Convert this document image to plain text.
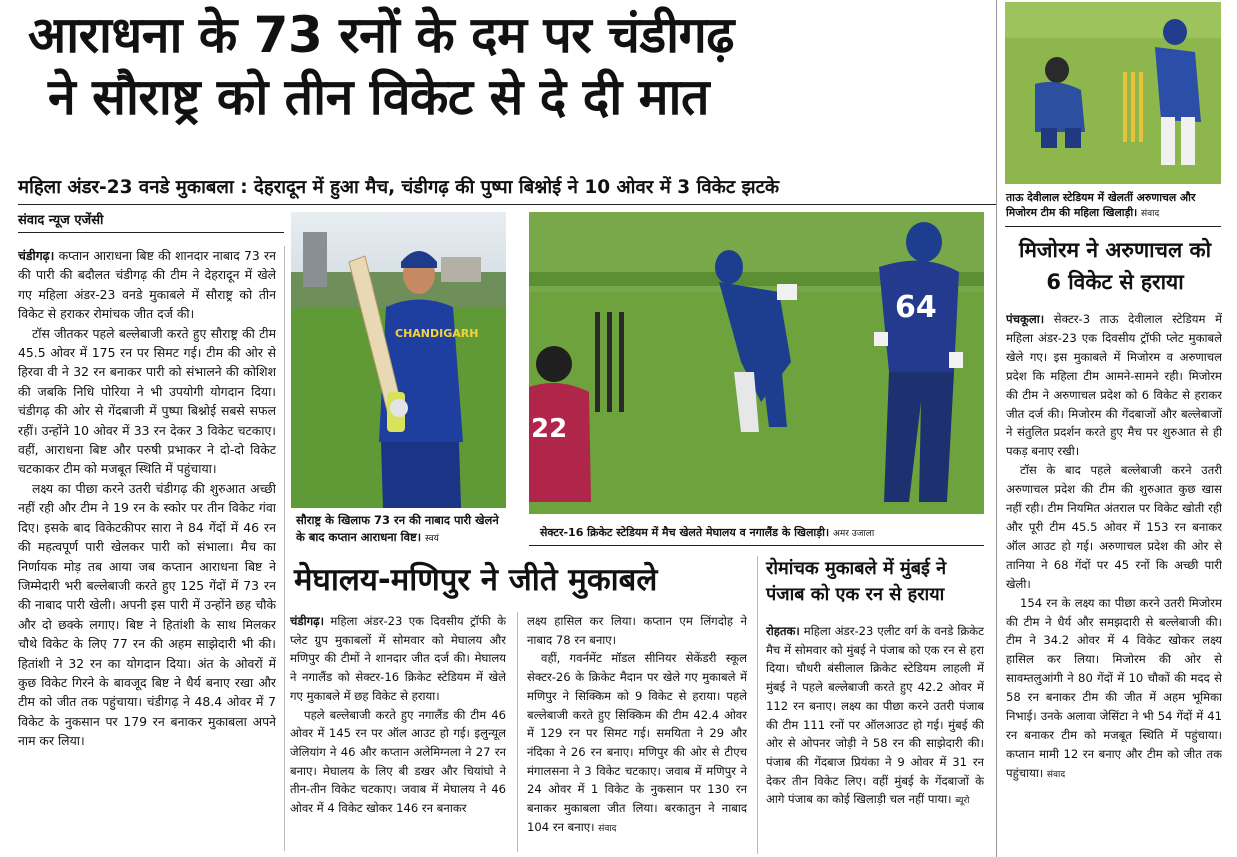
आराधना के 73 रनों के दम पर चंडीगढ़
ने सौराष्ट्र को तीन विकेट से दे दी मात
महिला अंडर-23 वनडे मुकाबला : देहरादून में हुआ मैच, चंडीगढ़ की पुष्पा बिश्नोई ने 10 ओवर में 3 विकेट झटके
संवाद न्यूज एजेंसी

चंडीगढ़। कप्तान आराधना बिष्ट की शानदार नाबाद 73 रन की पारी की बदौलत चंडीगढ़ की टीम ने देहरादून में खेले गए महिला अंडर-23 वनडे मुकाबले में सौराष्ट्र को तीन विकेट से हराकर रोमांचक जीत दर्ज की।

टॉस जीतकर पहले बल्लेबाजी करते हुए सौराष्ट्र की टीम 45.5 ओवर में 175 रन पर सिमट गई। टीम की ओर से हिरवा वी ने 32 रन बनाकर पारी को संभालने की कोशिश की जबकि निधि पोरिया ने भी उपयोगी योगदान दिया। चंडीगढ़ की ओर से गेंदबाजी में पुष्पा बिश्नोई सबसे सफल रहीं। उन्होंने 10 ओवर में 33 रन देकर 3 विकेट चटकाए। वहीं, आराधना बिष्ट और परुषी प्रभाकर ने दो-दो विकेट चटकाकर टीम को मजबूत स्थिति में पहुंचाया।

लक्ष्य का पीछा करने उतरी चंडीगढ़ की शुरुआत अच्छी नहीं रही और टीम ने 19 रन के स्कोर पर तीन विकेट गंवा दिए। इसके बाद विकेटकीपर सारा ने 84 गेंदों में 46 रन की महत्वपूर्ण पारी खेलकर पारी को संभाला। मैच का निर्णायक मोड़ तब आया जब कप्तान आराधना बिष्ट ने जिम्मेदारी भरी बल्लेबाजी करते हुए 125 गेंदों में 73 रन की नाबाद पारी खेली। अपनी इस पारी में उन्होंने छह चौके और दो छक्के लगाए। बिष्ट ने हितांशी के साथ मिलकर चौथे विकेट के लिए 77 रन की अहम साझेदारी भी की। हितांशी ने 32 रन का योगदान दिया। अंत के ओवरों में कुछ विकेट गिरने के बावजूद बिष्ट ने धैर्य बनाए रखा और टीम को जीत तक पहुंचाया। चंडीगढ़ ने 48.4 ओवर में 7 विकेट के नुकसान पर 179 रन बनाकर मुकाबला अपने नाम कर लिया।

CHANDIGARH
सौराष्ट्र के खिलाफ 73 रन की नाबाद पारी खेलने के बाद कप्तान आराधना विष्ट। स्वयं
64
22
सेक्टर-16 क्रिकेट स्टेडियम में मैच खेलते मेघालय व नगालैंड के खिलाड़ी। अमर उजाला
मेघालय-मणिपुर ने जीते मुकाबले

चंडीगढ़। महिला अंडर-23 एक दिवसीय ट्रॉफी के प्लेट ग्रुप मुकाबलों में सोमवार को मेघालय और मणिपुर की टीमों ने शानदार जीत दर्ज की। मेघालय ने नगालैंड को सेक्टर-16 क्रिकेट स्टेडियम में खेले गए मुकाबले में छह विकेट से हराया।

पहले बल्लेबाजी करते हुए नगालैंड की टीम 46 ओवर में 145 रन पर ऑल आउट हो गई। इलुन्यूल जेलियांग ने 46 और कप्तान अलेमिग्नला ने 27 रन बनाए। मेघालय के लिए बी डखर और चियांघो ने तीन-तीन विकेट चटकाए। जवाब में मेघालय ने 46 ओवर में 4 विकेट खोकर 146 रन बनाकर

लक्ष्य हासिल कर लिया। कप्तान एम लिंगदोह ने नाबाद 78 रन बनाए।

वहीं, गवर्नमेंट मॉडल सीनियर सेकेंडरी स्कूल सेक्टर-26 के क्रिकेट मैदान पर खेले गए मुकाबले में मणिपुर ने सिक्किम को 9 विकेट से हराया। पहले बल्लेबाजी करते हुए सिक्किम की टीम 42.4 ओवर में 129 रन पर सिमट गई। समयिता ने 29 और नंदिका ने 26 रन बनाए। मणिपुर की ओर से टीएच मंगालसना ने 3 विकेट चटकाए। जवाब में मणिपुर ने 24 ओवर में 1 विकेट के नुकसान पर 130 रन बनाकर मुकाबला जीत लिया। बरकातुन ने नाबाद 104 रन बनाए। संवाद

रोमांचक मुकाबले में मुंबई ने पंजाब को एक रन से हराया

रोहतक। महिला अंडर-23 एलीट वर्ग के वनडे क्रिकेट मैच में सोमवार को मुंबई ने पंजाब को एक रन से हरा दिया। चौधरी बंसीलाल क्रिकेट स्टेडियम लाहली में मुंबई ने पहले बल्लेबाजी करते हुए 42.2 ओवर में 112 रन बनाए। लक्ष्य का पीछा करने उतरी पंजाब की टीम 111 रनों पर ऑलआउट हो गई। मुंबई की ओर से ओपनर जोड़ी ने 58 रन की साझेदारी की। पंजाब की गेंदबाज प्रियंका ने 9 ओवर में 31 रन देकर तीन विकेट लिए। वहीं मुंबई के गेंदबाजों के आगे पंजाब का कोई खिलाड़ी चल नहीं पाया। ब्यूरो

ताऊ देवीलाल स्टेडियम में खेलतीं अरुणाचल और मिजोरम टीम की महिला खिलाड़ी। संवाद
मिजोरम ने अरुणाचल को 6 विकेट से हराया

पंचकूला। सेक्टर-3 ताऊ देवीलाल स्टेडियम में महिला अंडर-23 एक दिवसीय ट्रॉफी प्लेट मुकाबले खेले गए। इस मुकाबले में मिजोरम व अरुणाचल प्रदेश कि महिला टीम आमने-सामने रही। मिजोरम की टीम ने अरुणाचल प्रदेश को 6 विकेट से हराकर जीत दर्ज की। मिजोरम की गेंदबाजों और बल्लेबाजों ने संतुलित प्रदर्शन करते हुए मैच पर शुरुआत से ही पकड़ बनाए रखी।

टॉस के बाद पहले बल्लेबाजी करने उतरी अरुणाचल प्रदेश की टीम की शुरुआत कुछ खास नहीं रही। टीम नियमित अंतराल पर विकेट खोती रही और पूरी टीम 45.5 ओवर में 153 रन बनाकर ऑल आउट हो गई। अरुणाचल प्रदेश की ओर से तानिया ने 68 गेंदों पर 45 रनों कि अच्छी पारी खेली।

154 रन के लक्ष्य का पीछा करने उतरी मिजोरम की टीम ने धैर्य और समझदारी से बल्लेबाजी की। टीम ने 34.2 ओवर में 4 विकेट खोकर लक्ष्य हासिल कर लिया। मिजोरम की ओर से सावम्तलुआंगी ने 80 गेंदों में 10 चौकों की मदद से 58 रन बनाकर टीम की जीत में अहम भूमिका निभाई। उनके अलावा जेसिंटा ने भी 54 गेंदों में 41 रन बनाकर टीम को मजबूत स्थिति में पहुंचाया। कप्तान मामी 12 रन बनाए और टीम को जीत तक पहुंचाया। संवाद
